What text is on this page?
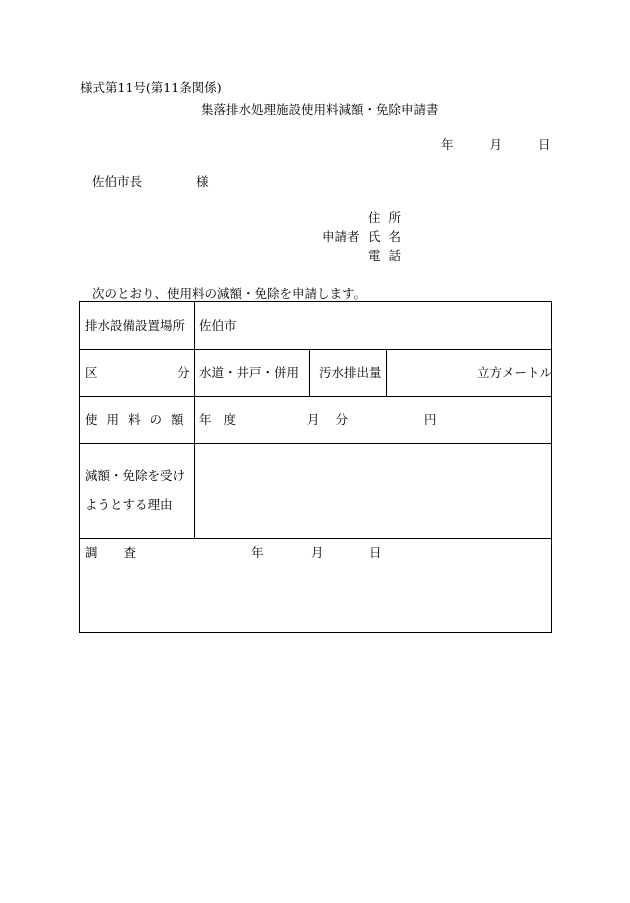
様式第11号(第11条関係)
集落排水処理施設使用料減額・免除申請書
年	月	日
佐伯市長	様
住所
申請者 氏名
電話
次のとおり、使用料の減額・免除を申請します。
排水設備設置場所 佐伯市
区	分 水道・井戸・併用 汚水排出量	立方メートル
使用料の額 年 度	月 分	円
減額・免除を受け
ようとする理由
調 査	年	月	日
